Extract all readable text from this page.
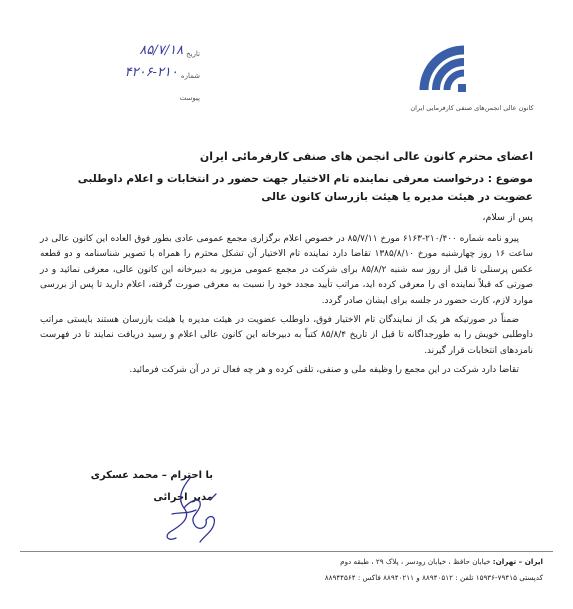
تاریخ
۸۵/۷/۱۸
شماره
۴۲۰۶-۲۱۰
پیوست
کانون عالی انجمن‌های صنفی کارفرمایی ایران
اعضای محترم کانون عالی انجمن های صنفی کارفرمائی ایران
موضوع : درخواست معرفی نماینده تام الاختیار جهت حضور در انتخابات و اعلام داوطلبی
عضویت در هیئت مدیره یا هیئت بازرسان کانون عالی
پس از سلام،

پیرو نامه شماره ۲۱۰/۴۰۰-۶۱۶۳ مورخ ۸۵/۷/۱۱ در خصوص اعلام برگزاری مجمع عمومی عادی بطور فوق العاده این کانون عالی در ساعت ۱۶ روز چهارشنبه مورخ ۱۳۸۵/۸/۱۰ تقاضا دارد نماینده تام الاختیار آن تشکل محترم را همراه با تصویر شناسنامه و دو قطعه عکس پرسنلی تا قبل از روز سه شنبه ۸۵/۸/۲ برای شرکت در مجمع عمومی مزبور به دبیرخانه این کانون عالی، معرفی نمائید و در صورتی که قبلاً نماینده ای را معرفی کرده اید، مراتب تأیید مجدد خود را نسبت به معرفی صورت گرفته، اعلام دارید تا پس از بررسی موارد لازم، کارت حضور در جلسه برای ایشان صادر گردد.

ضمناً در صورتیکه هر یک از نمایندگان تام الاختیار فوق، داوطلب عضویت در هیئت مدیره یا هیئت بازرسان هستند بایستی مراتب داوطلبی خویش را به طورجداگانه تا قبل از تاریخ ۸۵/۸/۴ کتباً به دبیرخانه این کانون عالی اعلام و رسید دریافت نمایند تا در فهرست نامزدهای انتخابات قرار گیرند.

تقاضا دارد شرکت در این مجمع را وظیفه ملی و صنفی، تلقی کرده و هر چه فعال تر در آن شرکت فرمائید.

با احترام – محمد عسکری
مدیر اجرائی
ایران – تهران: خیابان حافظ ، خیابان رودسر ، پلاک ۲۹ ، طبقه دوم
کدپستی ۷۹۴۱۵-۱۵۹۳۶ تلفن : ۸۸۹۴۰۵۱۲ و ۸۸۹۴۰۲۱۱ فاکس : ۸۸۹۴۴۵۶۴
